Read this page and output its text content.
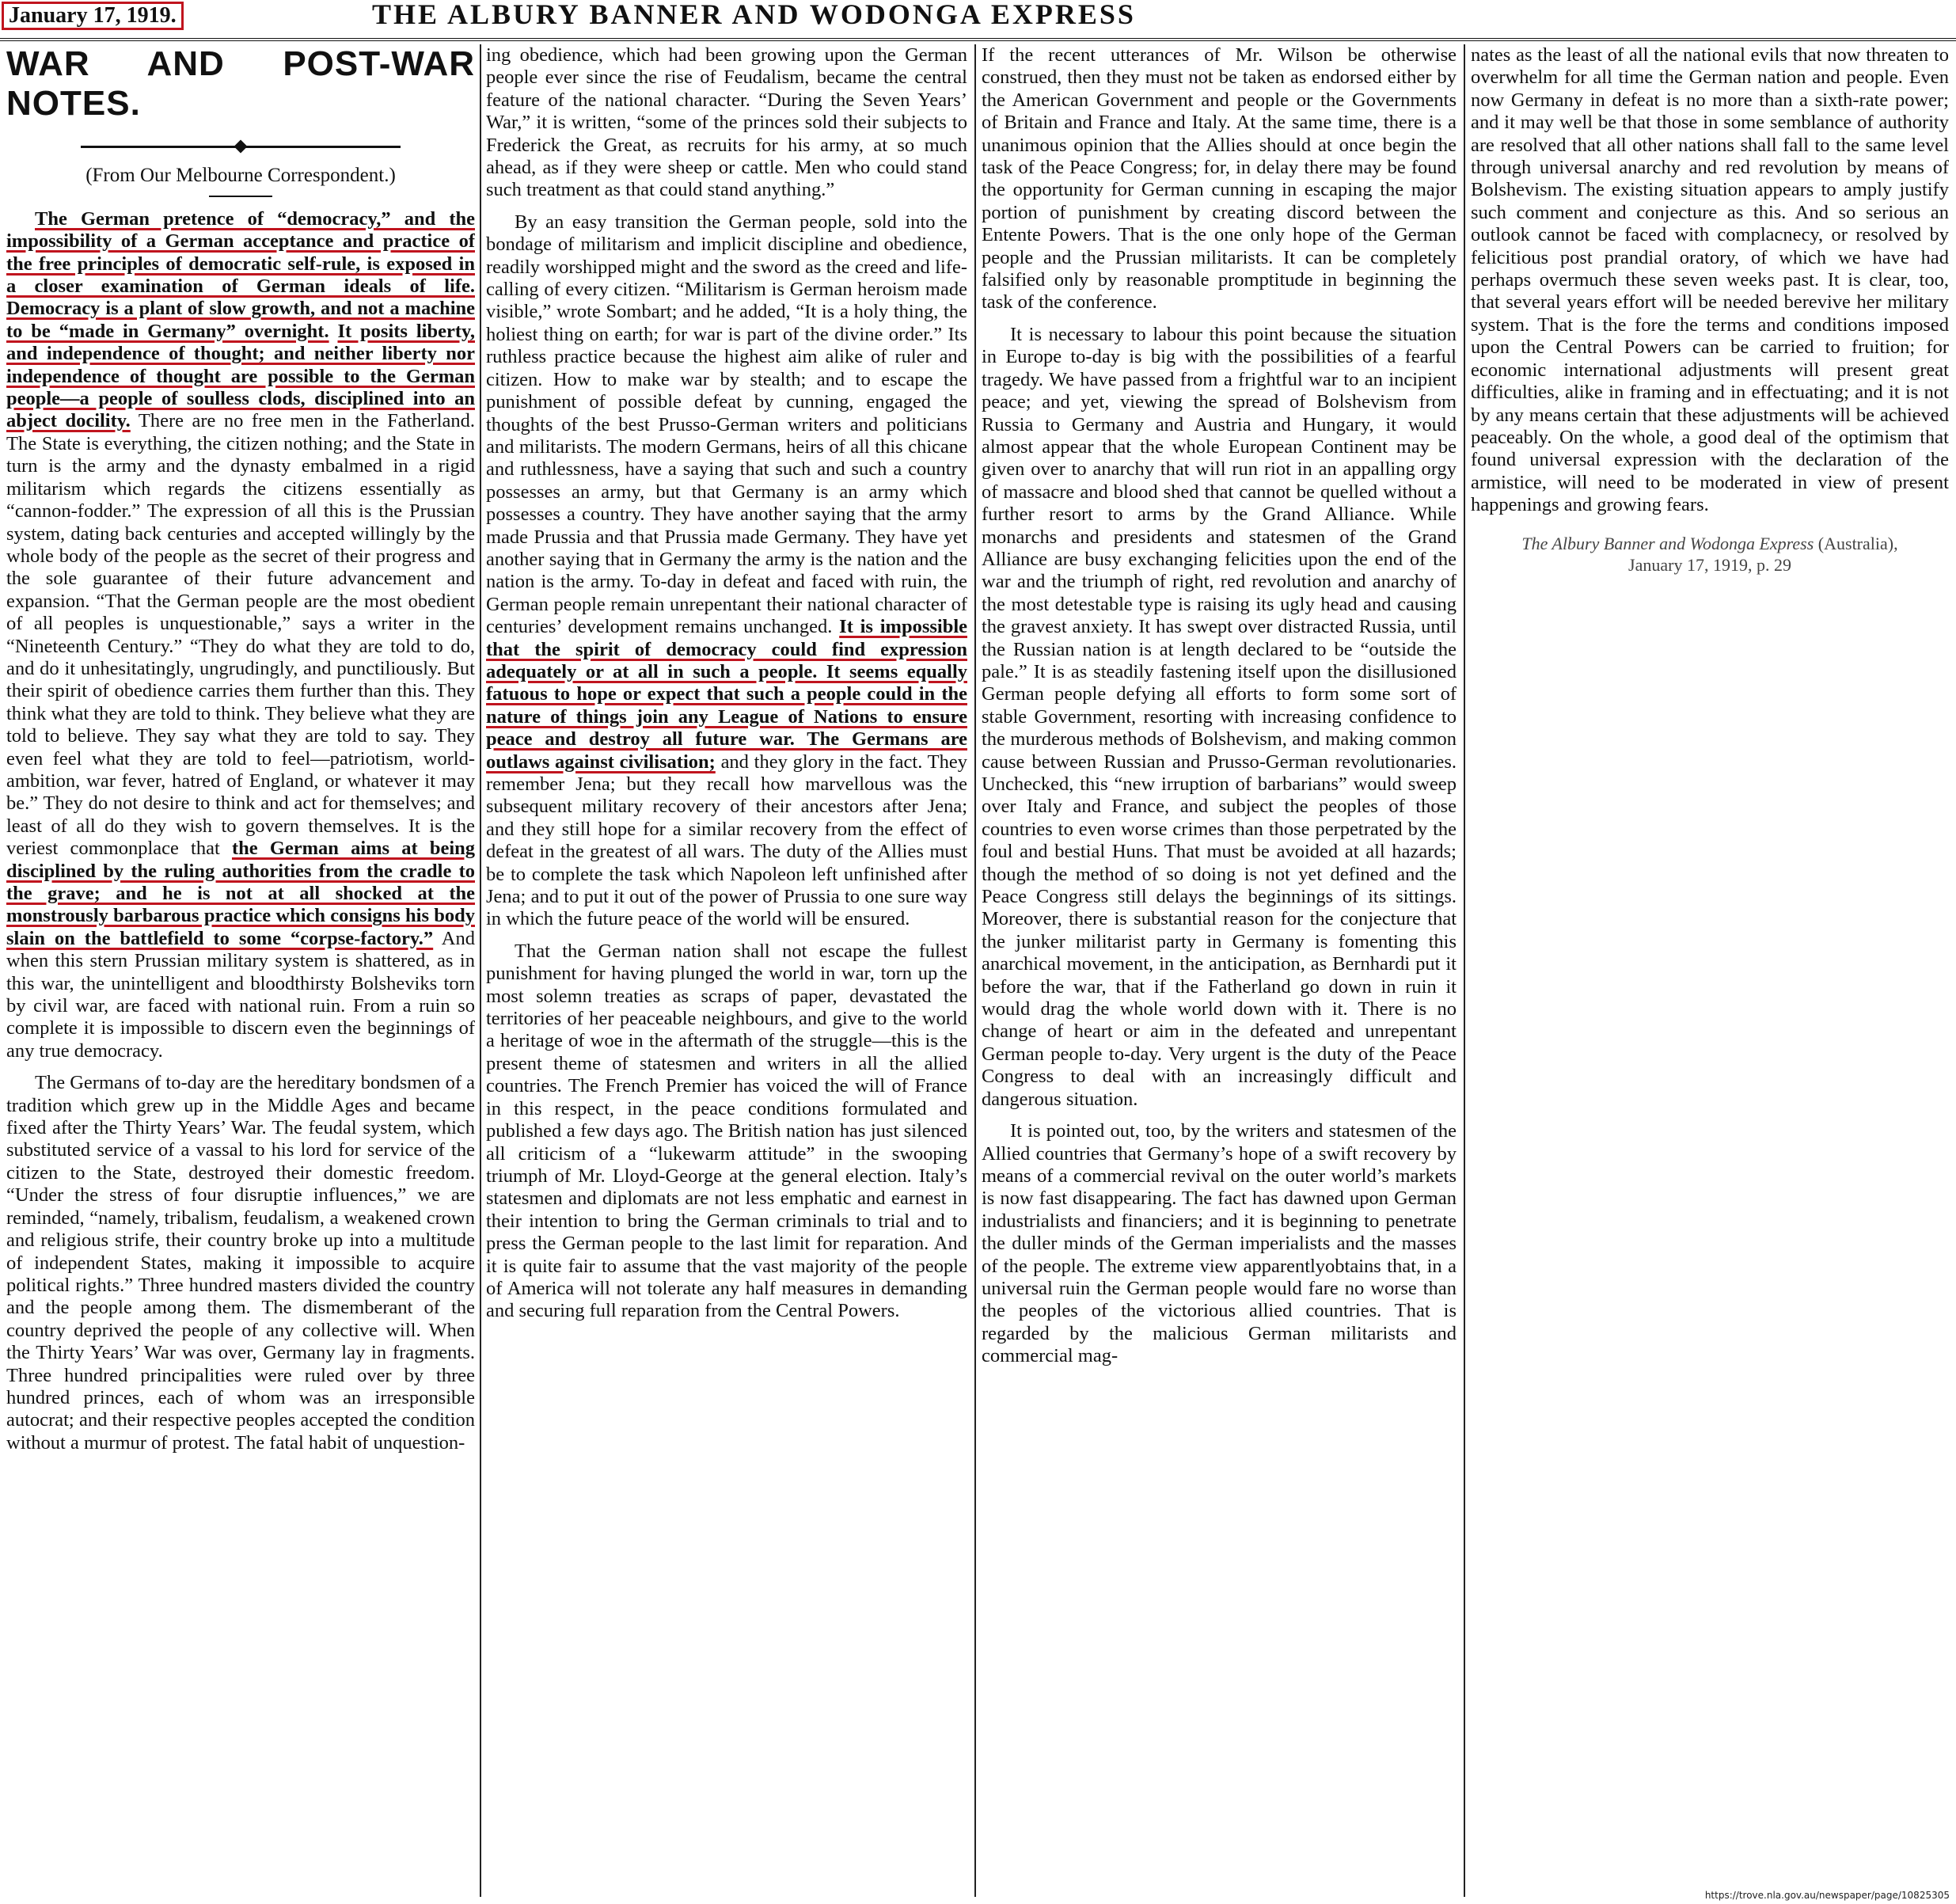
January 17, 1919.	THE ALBURY BANNER AND WODONGA EXPRESS
WAR AND POST-WAR NOTES.
(From Our Melbourne Correspondent.)

The German pretence of “democracy,” and the impossibility of a German acceptance and practice of the free principles of democratic self-rule, is exposed in a closer examination of German ideals of life. Democracy is a plant of slow growth, and not a machine to be “made in Germany” overnight. It posits liberty, and independence of thought; and neither liberty nor independence of thought are possible to the German people—a people of soulless clods, disciplined into an abject docility. There are no free men in the Fatherland. The State is everything, the citizen nothing; and the State in turn is the army and the dynasty embalmed in a rigid militarism which regards the citizens essentially as “cannon-fodder.” The expression of all this is the Prussian system, dating back centuries and accepted willingly by the whole body of the people as the secret of their progress and the sole guarantee of their future advancement and expansion. “That the German people are the most obedient of all peoples is unquestionable,” says a writer in the “Nineteenth Century.” “They do what they are told to do, and do it unhesitatingly, ungrudingly, and punctiliously. But their spirit of obedience carries them further than this. They think what they are told to think. They believe what they are told to believe. They say what they are told to say. They even feel what they are told to feel—patriotism, world-ambition, war fever, hatred of England, or whatever it may be.” They do not desire to think and act for themselves; and least of all do they wish to govern themselves. It is the veriest commonplace that the German aims at being disciplined by the ruling authorities from the cradle to the grave; and he is not at all shocked at the monstrously barbarous practice which consigns his body slain on the battlefield to some “corpse-factory.” And when this stern Prussian military system is shattered, as in this war, the unintelligent and bloodthirsty Bolsheviks torn by civil war, are faced with national ruin. From a ruin so complete it is impossible to discern even the beginnings of any true democracy.

The Germans of to-day are the hereditary bondsmen of a tradition which grew up in the Middle Ages and became fixed after the Thirty Years’ War. The feudal system, which substituted service of a vassal to his lord for service of the citizen to the State, destroyed their domestic freedom. “Under the stress of four disruptie influences,” we are reminded, “namely, tribalism, feudalism, a weakened crown and religious strife, their country broke up into a multitude of independent States, making it impossible to acquire political rights.” Three hundred masters divided the country and the people among them. The dismemberant of the country deprived the people of any collective will. When the Thirty Years’ War was over, Germany lay in fragments. Three hundred principalities were ruled over by three hundred princes, each of whom was an irresponsible autocrat; and their respective peoples accepted the condition without a murmur of protest. The fatal habit of unquestion-

ing obedience, which had been growing upon the German people ever since the rise of Feudalism, became the central feature of the national character. “During the Seven Years’ War,” it is written, “some of the princes sold their subjects to Frederick the Great, as recruits for his army, at so much ahead, as if they were sheep or cattle. Men who could stand such treatment as that could stand anything.”

By an easy transition the German people, sold into the bondage of militarism and implicit discipline and obedience, readily worshipped might and the sword as the creed and life-calling of every citizen. “Militarism is German heroism made visible,” wrote Sombart; and he added, “It is a holy thing, the holiest thing on earth; for war is part of the divine order.” Its ruthless practice because the highest aim alike of ruler and citizen. How to make war by stealth; and to escape the punishment of possible defeat by cunning, engaged the thoughts of the best Prusso-German writers and politicians and militarists. The modern Germans, heirs of all this chicane and ruthlessness, have a saying that such and such a country possesses an army, but that Germany is an army which possesses a country. They have another saying that the army made Prussia and that Prussia made Germany. They have yet another saying that in Germany the army is the nation and the nation is the army. To-day in defeat and faced with ruin, the German people remain unrepentant their national character of centuries’ development remains unchanged. It is impossible that the spirit of democracy could find expression adequately or at all in such a people. It seems equally fatuous to hope or expect that such a people could in the nature of things join any League of Nations to ensure peace and destroy all future war. The Germans are outlaws against civilisation; and they glory in the fact. They remember Jena; but they recall how marvellous was the subsequent military recovery of their ancestors after Jena; and they still hope for a similar recovery from the effect of defeat in the greatest of all wars. The duty of the Allies must be to complete the task which Napoleon left unfinished after Jena; and to put it out of the power of Prussia to one sure way in which the future peace of the world will be ensured.

That the German nation shall not escape the fullest punishment for having plunged the world in war, torn up the most solemn treaties as scraps of paper, devastated the territories of her peaceable neighbours, and give to the world a heritage of woe in the aftermath of the struggle—this is the present theme of statesmen and writers in all the allied countries. The French Premier has voiced the will of France in this respect, in the peace conditions formulated and published a few days ago. The British nation has just silenced all criticism of a “lukewarm attitude” in the swooping triumph of Mr. Lloyd-George at the general election. Italy’s statesmen and diplomats are not less emphatic and earnest in their intention to bring the German criminals to trial and to press the German people to the last limit for reparation. And it is quite fair to assume that the vast majority of the people of America will not tolerate any half measures in demanding and securing full reparation from the Central Powers.

If the recent utterances of Mr. Wilson be otherwise construed, then they must not be taken as endorsed either by the American Government and people or the Governments of Britain and France and Italy. At the same time, there is a unanimous opinion that the Allies should at once begin the task of the Peace Congress; for, in delay there may be found the opportunity for German cunning in escaping the major portion of punishment by creating discord between the Entente Powers. That is the one only hope of the German people and the Prussian militarists. It can be completely falsified only by reasonable promptitude in beginning the task of the conference.

It is necessary to labour this point because the situation in Europe to-day is big with the possibilities of a fearful tragedy. We have passed from a frightful war to an incipient peace; and yet, viewing the spread of Bolshevism from Russia to Germany and Austria and Hungary, it would almost appear that the whole European Continent may be given over to anarchy that will run riot in an appalling orgy of massacre and blood shed that cannot be quelled without a further resort to arms by the Grand Alliance. While monarchs and presidents and statesmen of the Grand Alliance are busy exchanging felicities upon the end of the war and the triumph of right, red revolution and anarchy of the most detestable type is raising its ugly head and causing the gravest anxiety. It has swept over distracted Russia, until the Russian nation is at length declared to be “outside the pale.” It is as steadily fastening itself upon the disillusioned German people defying all efforts to form some sort of stable Government, resorting with increasing confidence to the murderous methods of Bolshevism, and making common cause between Russian and Prusso-German revolutionaries. Unchecked, this “new irruption of barbarians” would sweep over Italy and France, and subject the peoples of those countries to even worse crimes than those perpetrated by the foul and bestial Huns. That must be avoided at all hazards; though the method of so doing is not yet defined and the Peace Congress still delays the beginnings of its sittings. Moreover, there is substantial reason for the conjecture that the junker militarist party in Germany is fomenting this anarchical movement, in the anticipation, as Bernhardi put it before the war, that if the Fatherland go down in ruin it would drag the whole world down with it. There is no change of heart or aim in the defeated and unrepentant German people to-day. Very urgent is the duty of the Peace Congress to deal with an increasingly difficult and dangerous situation.

It is pointed out, too, by the writers and statesmen of the Allied countries that Germany’s hope of a swift recovery by means of a commercial revival on the outer world’s markets is now fast disappearing. The fact has dawned upon German industrialists and financiers; and it is beginning to penetrate the duller minds of the German imperialists and the masses of the people. The extreme view apparentlyobtains that, in a universal ruin the German people would fare no worse than the peoples of the victorious allied countries. That is regarded by the malicious German militarists and commercial mag-

nates as the least of all the national evils that now threaten to overwhelm for all time the German nation and people. Even now Germany in defeat is no more than a sixth-rate power; and it may well be that those in some semblance of authority are resolved that all other nations shall fall to the same level through universal anarchy and red revolution by means of Bolshevism. The existing situation appears to amply justify such comment and conjecture as this. And so serious an outlook cannot be faced with complacnecy, or resolved by felicitious post prandial oratory, of which we have had perhaps overmuch these seven weeks past. It is clear, too, that several years effort will be needed berevive her military system. That is the fore the terms and conditions imposed upon the Central Powers can be carried to fruition; for economic international adjustments will present great difficulties, alike in framing and in effectuating; and it is not by any means certain that these adjustments will be achieved peaceably. On the whole, a good deal of the optimism that found universal expression with the declaration of the armistice, will need to be moderated in view of present happenings and growing fears.

The Albury Banner and Wodonga Express (Australia),
January 17, 1919, p. 29
https://trove.nla.gov.au/newspaper/page/10825305
